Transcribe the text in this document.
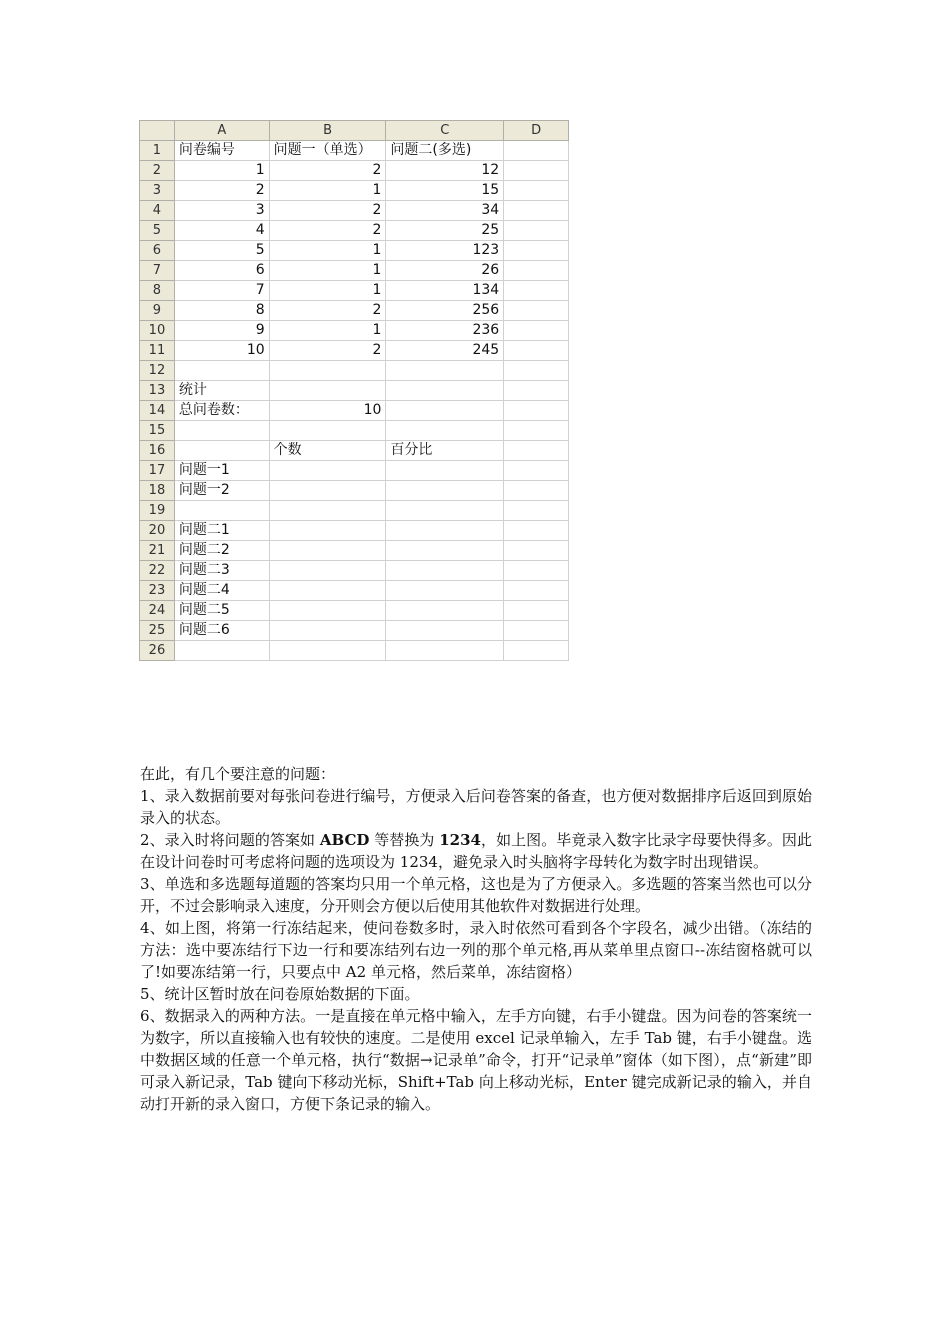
	A	B	C	D
1	问卷编号	问题一（单选）	问题二(多选)	
2	1	2	12	
3	2	1	15	
4	3	2	34	
5	4	2	25	
6	5	1	123	
7	6	1	26	
8	7	1	134	
9	8	2	256	
10	9	1	236	
11	10	2	245	
12				
13	统计			
14	总问卷数：	10		
15				
16		个数	百分比	
17	问题一1			
18	问题一2			
19				
20	问题二1			
21	问题二2			
22	问题二3			
23	问题二4			
24	问题二5			
25	问题二6			
26				

在此，有几个要注意的问题：

1、录入数据前要对每张问卷进行编号，方便录入后问卷答案的备查，也方便对数据排序后返回到原始录入的状态。

2、录入时将问题的答案如 ABCD 等替换为 1234，如上图。毕竟录入数字比录字母要快得多。因此在设计问卷时可考虑将问题的选项设为 1234，避免录入时头脑将字母转化为数字时出现错误。

3、单选和多选题每道题的答案均只用一个单元格，这也是为了方便录入。多选题的答案当然也可以分开，不过会影响录入速度，分开则会方便以后使用其他软件对数据进行处理。

4、如上图，将第一行冻结起来，使问卷数多时，录入时依然可看到各个字段名，减少出错。（冻结的方法：选中要冻结行下边一行和要冻结列右边一列的那个单元格,再从菜单里点窗口--冻结窗格就可以了!如要冻结第一行，只要点中 A2 单元格，然后菜单，冻结窗格）

5、统计区暂时放在问卷原始数据的下面。

6、数据录入的两种方法。一是直接在单元格中输入，左手方向键，右手小键盘。因为问卷的答案统一为数字，所以直接输入也有较快的速度。二是使用 excel 记录单输入，左手 Tab 键，右手小键盘。选中数据区域的任意一个单元格，执行“数据→记录单”命令，打开“记录单”窗体（如下图），点“新建”即可录入新记录，Tab 键向下移动光标，Shift+Tab 向上移动光标，Enter 键完成新记录的输入，并自动打开新的录入窗口，方便下条记录的输入。
